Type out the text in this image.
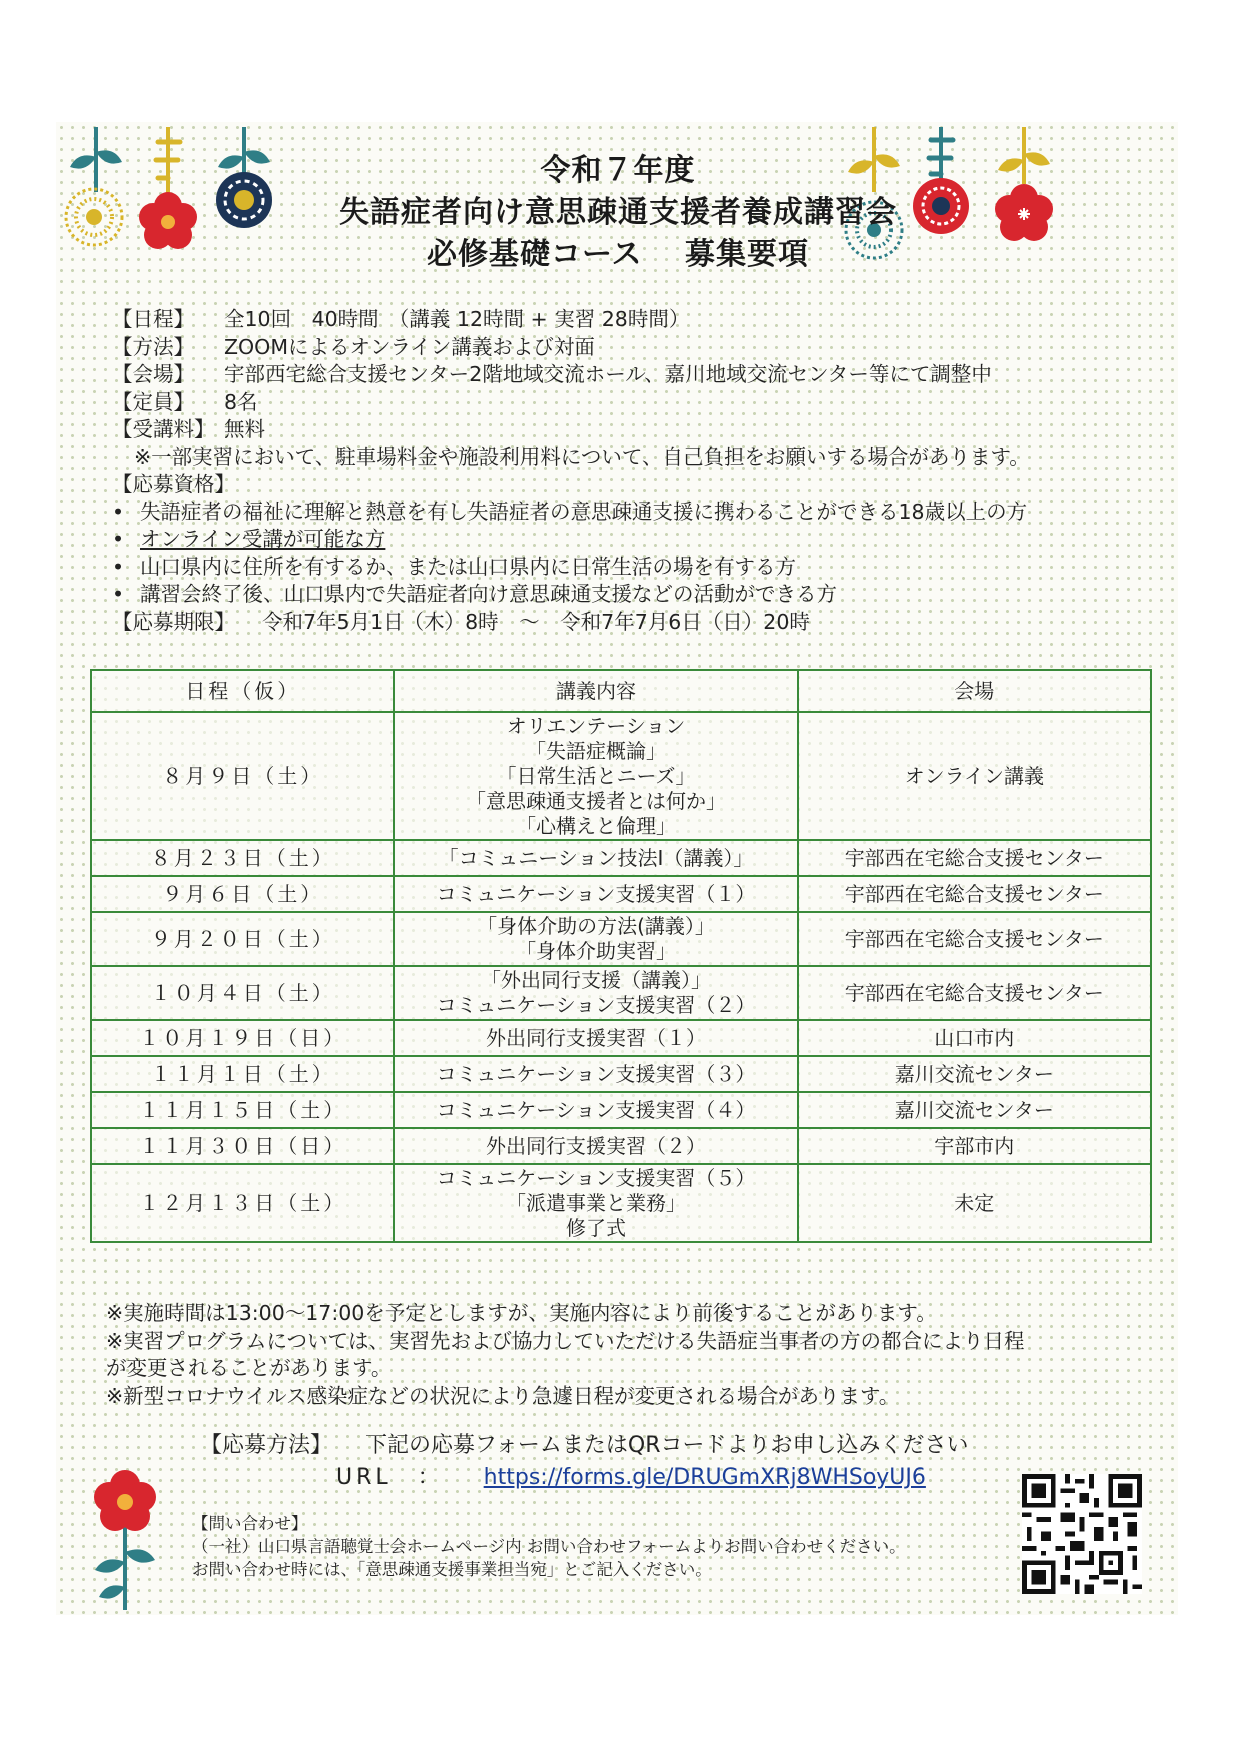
令和７年度
失語症者向け意思疎通支援者養成講習会
必修基礎コース　 募集要項
【日程】 全10回　40時間　（講義 12時間 + 実習 28時間）
【方法】 ZOOMによるオンライン講義および対面
【会場】 宇部西宅総合支援センター2階地域交流ホール、嘉川地域交流センター等にて調整中
【定員】 8名
【受講料】 無料
※一部実習において、駐車場料金や施設利用料について、自己負担をお願いする場合があります。
【応募資格】
• 失語症者の福祉に理解と熱意を有し失語症者の意思疎通支援に携わることができる18歳以上の方
• オンライン受講が可能な方
• 山口県内に住所を有するか、または山口県内に日常生活の場を有する方
• 講習会終了後、山口県内で失語症者向け意思疎通支援などの活動ができる方
【応募期限】 令和7年5月1日（木）8時　～　令和7年7月6日（日）20時
日程（仮）	講義内容	会場
８月９日（土）	オリエンテーション
「失語症概論」
「日常生活とニーズ」
「意思疎通支援者とは何か」
「心構えと倫理」	オンライン講義
８月２３日（土）	「コミュニーション技法Ⅰ（講義）」	宇部西在宅総合支援センター
９月６日（土）	コミュニケーション支援実習（１）	宇部西在宅総合支援センター
９月２０日（土）	「身体介助の方法(講義）」
「身体介助実習」	宇部西在宅総合支援センター
１０月４日（土）	「外出同行支援（講義）」
コミュニケーション支援実習（２）	宇部西在宅総合支援センター
１０月１９日（日）	外出同行支援実習（１）	山口市内
１１月１日（土）	コミュニケーション支援実習（３）	嘉川交流センター
１１月１５日（土）	コミュニケーション支援実習（４）	嘉川交流センター
１１月３０日（日）	外出同行支援実習（２）	宇部市内
１２月１３日（土）	コミュニケーション支援実習（５）
「派遣事業と業務」
修了式	未定
※実施時間は13:00～17:00を予定としますが、実施内容により前後することがあります。
※実習プログラムについては、実習先および協力していただける失語症当事者の方の都合により日程
が変更されることがあります。
※新型コロナウイルス感染症などの状況により急遽日程が変更される場合があります。
【応募方法】 下記の応募フォームまたはQRコードよりお申し込みください
URL　： https://forms.gle/DRUGmXRj8WHSoyUJ6
【問い合わせ】
（一社）山口県言語聴覚士会ホームページ内 お問い合わせフォームよりお問い合わせください。
お問い合わせ時には、「意思疎通支援事業担当宛」とご記入ください。
